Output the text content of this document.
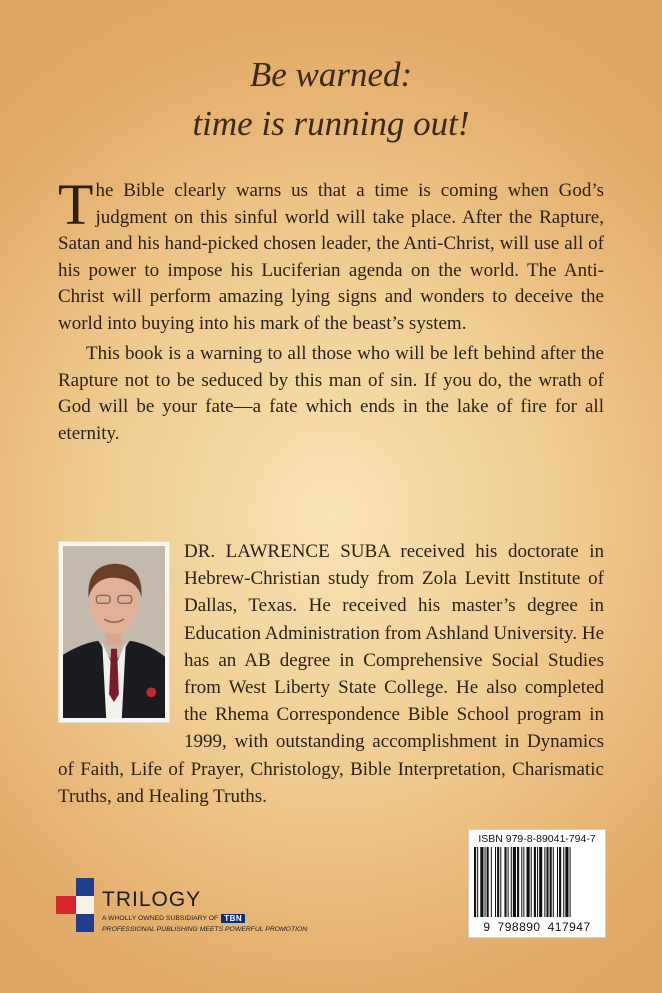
Be warned:
time is running out!

The Bible clearly warns us that a time is coming when God’s judgment on this sinful world will take place. After the Rapture, Satan and his hand-picked chosen leader, the Anti-Christ, will use all of his power to impose his Luciferian agenda on the world. The Anti-Christ will perform amazing lying signs and wonders to deceive the world into buying into his mark of the beast’s system.

This book is a warning to all those who will be left behind after the Rapture not to be seduced by this man of sin. If you do, the wrath of God will be your fate—a fate which ends in the lake of fire for all eternity.

DR. LAWRENCE SUBA received his doctorate in Hebrew-Christian study from Zola Levitt Institute of Dallas, Texas. He received his master’s degree in Education Administration from Ashland University. He has an AB degree in Comprehensive Social Studies from West Liberty State College. He also completed the Rhema Correspondence Bible School program in 1999, with outstanding accomplishment in Dynamics of Faith, Life of Prayer, Christology, Bible Interpretation, Charismatic Truths, and Healing Truths.
TRILOGY
A WHOLLY OWNED SUBSIDIARY OF TBN
PROFESSIONAL PUBLISHING MEETS POWERFUL PROMOTION
ISBN 979-8-89041-794-7
9 798890 417947
